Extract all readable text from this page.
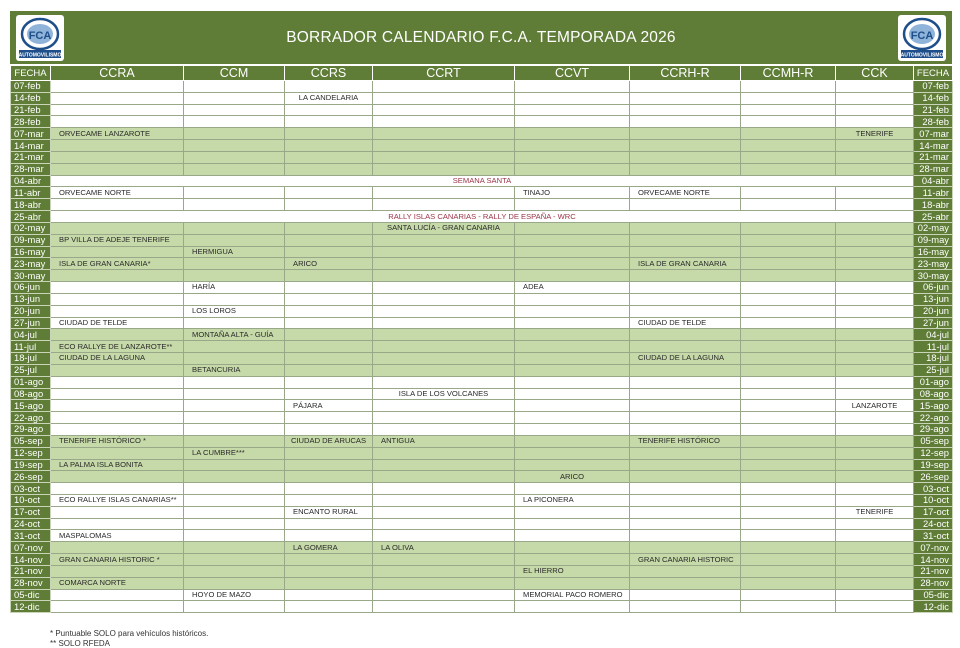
FCA
AUTOMOVILISMO
BORRADOR CALENDARIO F.C.A. TEMPORADA 2026	FCA
AUTOMOVILISMO
FECHA	CCRA	CCM	CCRS	CCRT	CCVT	CCRH-R	CCMH-R	CCK	FECHA
07-feb									07-feb
14-feb			LA CANDELARIA						14-feb
21-feb									21-feb
28-feb									28-feb
07-mar	ORVECAME LANZAROTE							TENERIFE	07-mar
14-mar									14-mar
21-mar									21-mar
28-mar									28-mar
04-abr	SEMANA SANTA								04-abr
11-abr	ORVECAME NORTE				TINAJO	ORVECAME NORTE			11-abr
18-abr									18-abr
25-abr	RALLY ISLAS CANARIAS - RALLY DE ESPAÑA - WRC								25-abr
02-may				SANTA LUCÍA - GRAN CANARIA					02-may
09-may	BP VILLA DE ADEJE TENERIFE								09-may
16-may		HERMIGUA							16-may
23-may	ISLA DE GRAN CANARIA*		ARICO			ISLA DE GRAN CANARIA			23-may
30-may									30-may
06-jun		HARÍA			ADEA				06-jun
13-jun									13-jun
20-jun		LOS LOROS							20-jun
27-jun	CIUDAD DE TELDE					CIUDAD DE TELDE			27-jun
04-jul		MONTAÑA ALTA - GUÍA							04-jul
11-jul	ECO RALLYE DE LANZAROTE**								11-jul
18-jul	CIUDAD DE LA LAGUNA					CIUDAD DE LA LAGUNA			18-jul
25-jul		BETANCURIA							25-jul
01-ago									01-ago
08-ago				ISLA DE LOS VOLCANES					08-ago
15-ago			PÁJARA					LANZAROTE	15-ago
22-ago									22-ago
29-ago									29-ago
05-sep	TENERIFE HISTÓRICO *		CIUDAD DE ARUCAS	ANTIGUA		TENERIFE HISTÓRICO			05-sep
12-sep		LA CUMBRE***							12-sep
19-sep	LA PALMA ISLA BONITA								19-sep
26-sep					ARICO				26-sep
03-oct									03-oct
10-oct	ECO RALLYE ISLAS CANARIAS**				LA PICONERA				10-oct
17-oct			ENCANTO RURAL					TENERIFE	17-oct
24-oct									24-oct
31-oct	MASPALOMAS								31-oct
07-nov			LA GOMERA	LA OLIVA					07-nov
14-nov	GRAN CANARIA HISTORIC *					GRAN CANARIA HISTORIC			14-nov
21-nov					EL HIERRO				21-nov
28-nov	COMARCA NORTE								28-nov
05-dic		HOYO DE MAZO			MEMORIAL PACO ROMERO				05-dic
12-dic									12-dic
* Puntuable SOLO para vehículos históricos.
** SOLO RFEDA
